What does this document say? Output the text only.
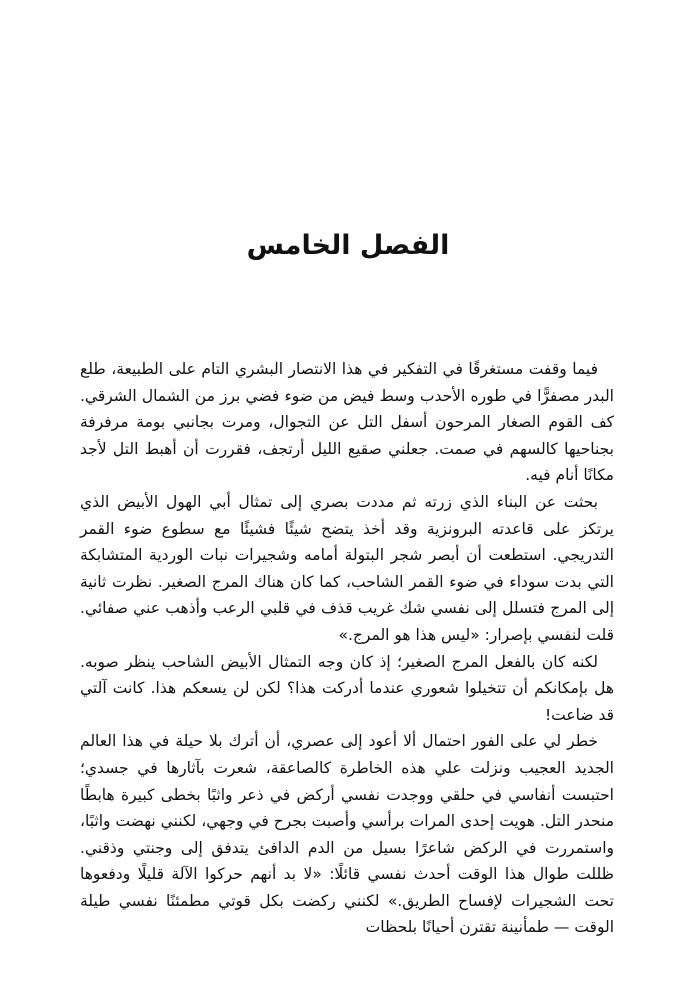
الفصل الخامس

فيما وقفت مستغرقًا في التفكير في هذا الانتصار البشري التام على الطبيعة، طلع البدر مصفرًّا في طوره الأحدب وسط فيض من ضوء فضي برز من الشمال الشرقي. كف القوم الصغار المرحون أسفل التل عن التجوال، ومرت بجانبي بومة مرفرفة بجناحيها كالسهم في صمت. جعلني صقيع الليل أرتجف، فقررت أن أهبط التل لأجد مكانًا أنام فيه.

بحثت عن البناء الذي زرته ثم مددت بصري إلى تمثال أبي الهول الأبيض الذي يرتكز على قاعدته البرونزية وقد أخذ يتضح شيئًا فشيئًا مع سطوع ضوء القمر التدريجي. استطعت أن أبصر شجر البتولة أمامه وشجيرات نبات الوردية المتشابكة التي بدت سوداء في ضوء القمر الشاحب، كما كان هناك المرج الصغير. نظرت ثانية إلى المرج فتسلل إلى نفسي شك غريب قذف في قلبي الرعب وأذهب عني صفائي. قلت لنفسي بإصرار: «ليس هذا هو المرج.»

لكنه كان بالفعل المرج الصغير؛ إذ كان وجه التمثال الأبيض الشاحب ينظر صوبه. هل بإمكانكم أن تتخيلوا شعوري عندما أدركت هذا؟ لكن لن يسعكم هذا. كانت آلتي قد ضاعت!

خطر لي على الفور احتمال ألا أعود إلى عصري، أن أترك بلا حيلة في هذا العالم الجديد العجيب ونزلت علي هذه الخاطرة كالصاعقة، شعرت بآثارها في جسدي؛ احتبست أنفاسي في حلقي ووجدت نفسي أركض في ذعر واثبًا بخطى كبيرة هابطًا منحدر التل. هويت إحدى المرات برأسي وأصبت بجرح في وجهي، لكنني نهضت واثبًا، واستمررت في الركض شاعرًا بسيل من الدم الدافئ يتدفق إلى وجنتي وذقني. ظللت طوال هذا الوقت أحدث نفسي قائلًا: «لا بد أنهم حركوا الآلة قليلًا ودفعوها تحت الشجيرات لإفساح الطريق.» لكنني ركضت بكل قوتي مطمئنًا نفسي طيلة الوقت — طمأنينة تقترن أحيانًا بلحظات
